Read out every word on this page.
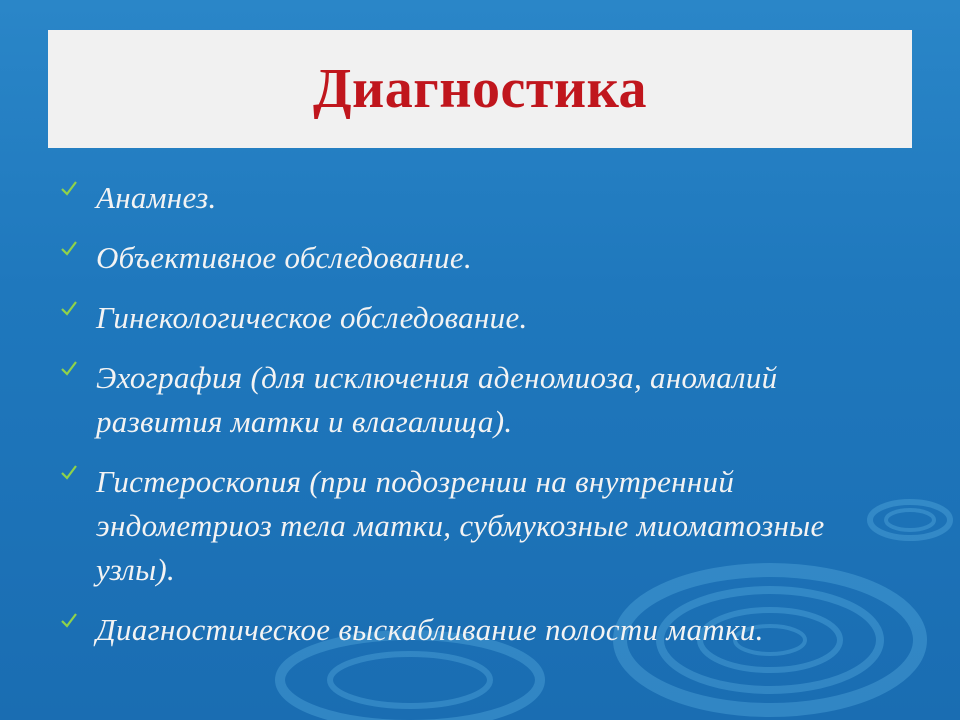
Диагностика
Анамнез.
Объективное обследование.
Гинекологическое обследование.
Эхография (для исключения аденомиоза, аномалий развития матки и влагалища).
Гистероскопия (при подозрении на внутренний эндометриоз тела матки, субмукозные миоматозные узлы).
Диагностическое выскабливание полости матки.
